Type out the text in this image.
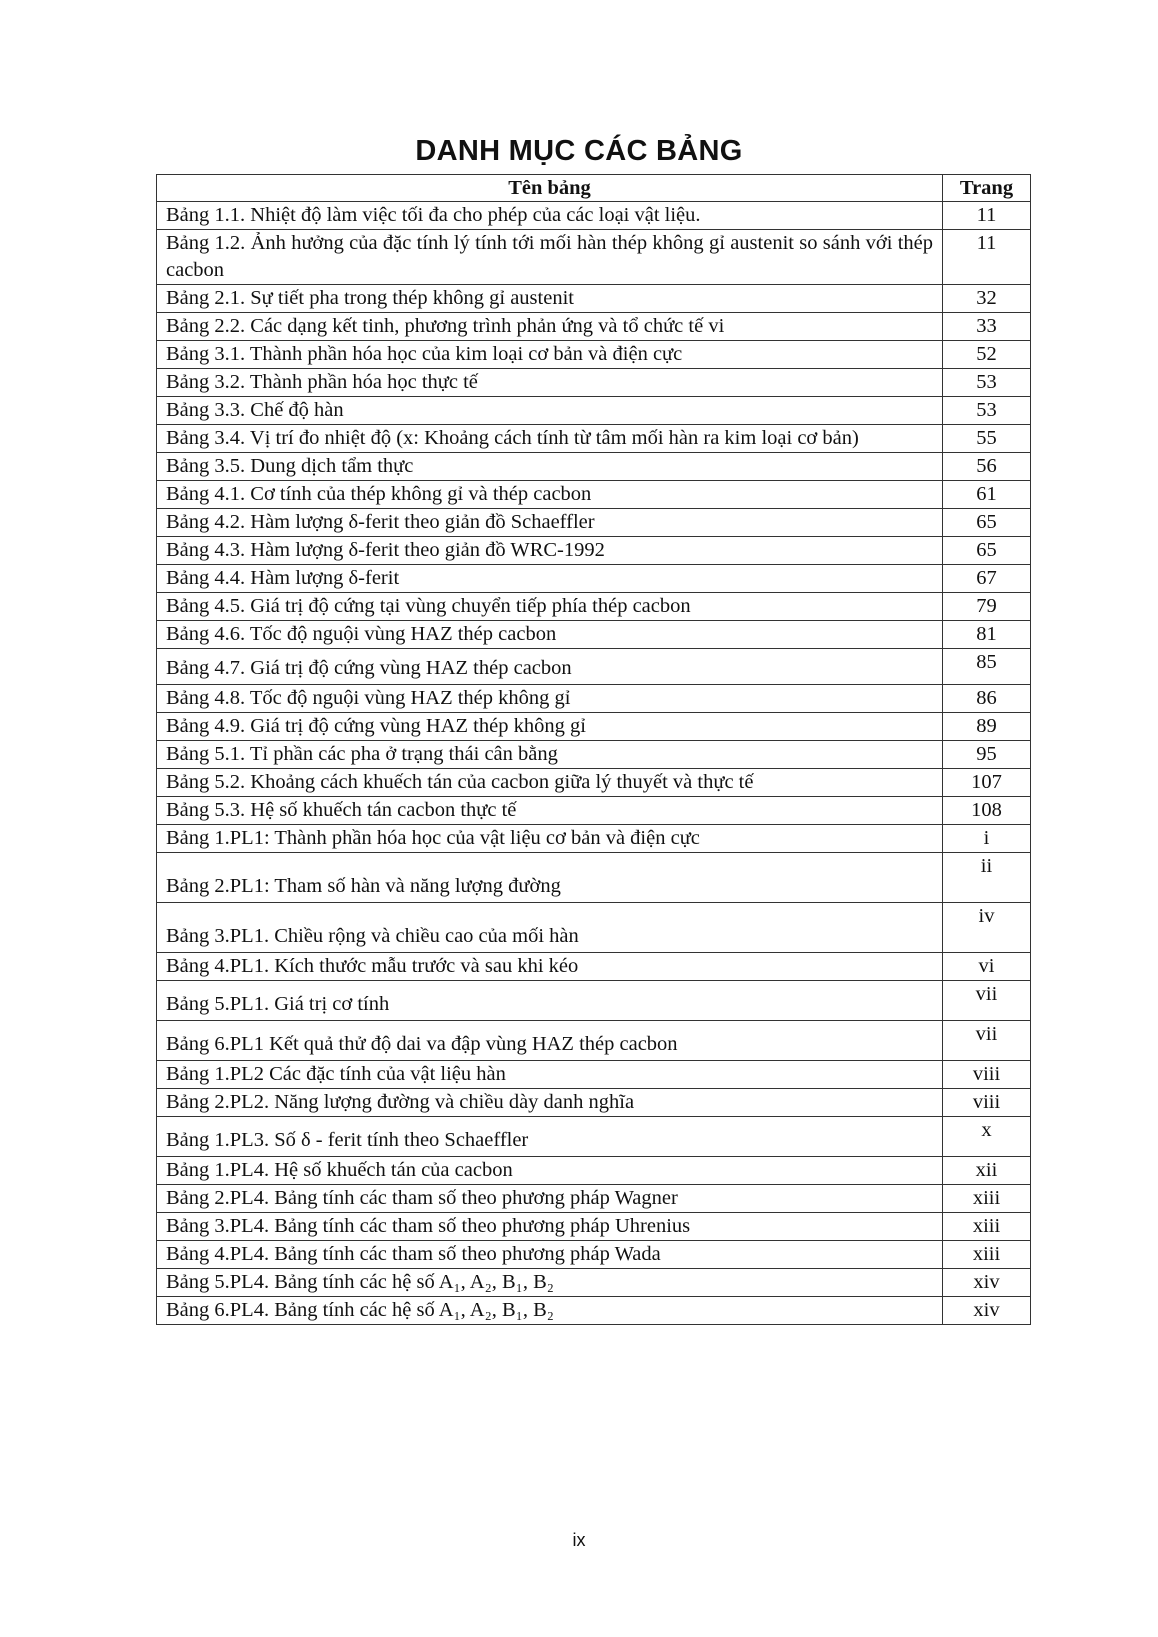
DANH MỤC CÁC BẢNG
Tên bảng	Trang
Bảng 1.1. Nhiệt độ làm việc tối đa cho phép của các loại vật liệu.	11
Bảng 1.2. Ảnh hưởng của đặc tính lý tính tới mối hàn thép không gỉ austenit so sánh với thép cacbon	11
Bảng 2.1. Sự tiết pha trong thép không gỉ austenit	32
Bảng 2.2. Các dạng kết tinh, phương trình phản ứng và tổ chức tế vi	33
Bảng 3.1. Thành phần hóa học của kim loại cơ bản và điện cực	52
Bảng 3.2. Thành phần hóa học thực tế	53
Bảng 3.3. Chế độ hàn	53
Bảng 3.4. Vị trí đo nhiệt độ (x: Khoảng cách tính từ tâm mối hàn ra kim loại cơ bản)	55
Bảng 3.5. Dung dịch tẩm thực	56
Bảng 4.1. Cơ tính của thép không gỉ và thép cacbon	61
Bảng 4.2. Hàm lượng δ-ferit theo giản đồ Schaeffler	65
Bảng 4.3. Hàm lượng δ-ferit theo giản đồ WRC-1992	65
Bảng 4.4. Hàm lượng δ-ferit	67
Bảng 4.5. Giá trị độ cứng tại vùng chuyển tiếp phía thép cacbon	79
Bảng 4.6. Tốc độ nguội vùng HAZ thép cacbon	81
Bảng 4.7. Giá trị độ cứng vùng HAZ thép cacbon	85
Bảng 4.8. Tốc độ nguội vùng HAZ thép không gỉ	86
Bảng 4.9. Giá trị độ cứng vùng HAZ thép không gỉ	89
Bảng 5.1. Tỉ phần các pha ở trạng thái cân bằng	95
Bảng 5.2. Khoảng cách khuếch tán của cacbon giữa lý thuyết và thực tế	107
Bảng 5.3. Hệ số khuếch tán cacbon thực tế	108
Bảng 1.PL1: Thành phần hóa học của vật liệu cơ bản và điện cực	i
Bảng 2.PL1: Tham số hàn và năng lượng đường	ii
Bảng 3.PL1. Chiều rộng và chiều cao của mối hàn	iv
Bảng 4.PL1. Kích thước mẫu trước và sau khi kéo	vi
Bảng 5.PL1. Giá trị cơ tính	vii
Bảng 6.PL1 Kết quả thử độ dai va đập vùng HAZ thép cacbon	vii
Bảng 1.PL2 Các đặc tính của vật liệu hàn	viii
Bảng 2.PL2. Năng lượng đường và chiều dày danh nghĩa	viii
Bảng 1.PL3. Số δ - ferit tính theo Schaeffler	x
Bảng 1.PL4. Hệ số khuếch tán của cacbon	xii
Bảng 2.PL4. Bảng tính các tham số theo phương pháp Wagner	xiii
Bảng 3.PL4. Bảng tính các tham số theo phương pháp Uhrenius	xiii
Bảng 4.PL4. Bảng tính các tham số theo phương pháp Wada	xiii
Bảng 5.PL4. Bảng tính các hệ số A₁, A₂, B₁, B₂	xiv
Bảng 6.PL4. Bảng tính các hệ số A₁, A₂, B₁, B₂	xiv
ix
